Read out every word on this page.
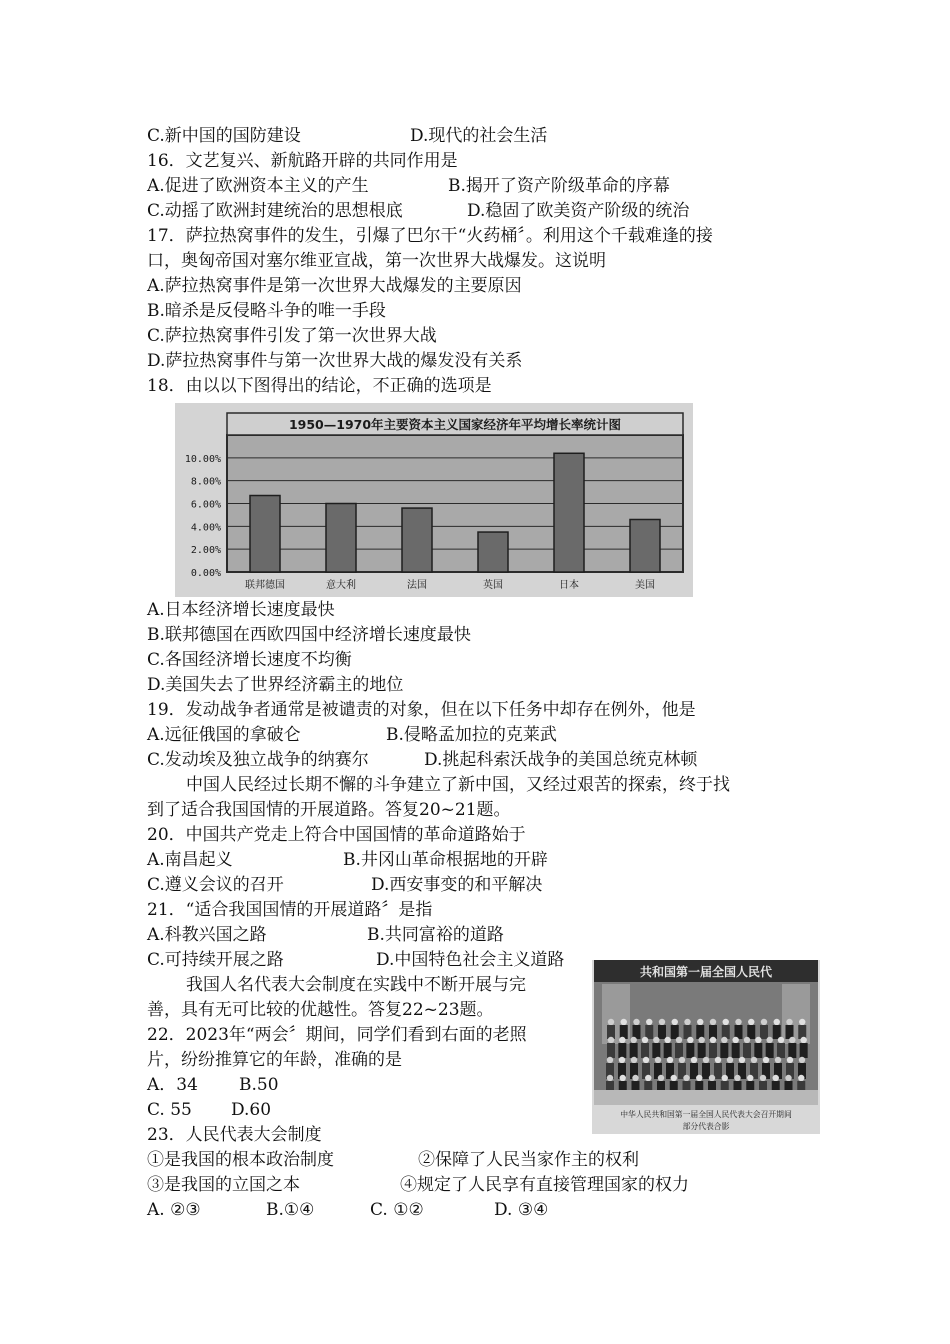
C.新中国的国防建设	D.现代的社会生活
16．文艺复兴、新航路开辟的共同作用是
A.促进了欧洲资本主义的产生	B.揭开了资产阶级革命的序幕
C.动摇了欧洲封建统治的思想根底	D.稳固了欧美资产阶级的统治
17．萨拉热窝事件的发生，引爆了巴尔干“火药桶〞。利用这个千载难逢的接
口，奥匈帝国对塞尔维亚宣战，第一次世界大战爆发。这说明
A.萨拉热窝事件是第一次世界大战爆发的主要原因
B.暗杀是反侵略斗争的唯一手段
C.萨拉热窝事件引发了第一次世界大战
D.萨拉热窝事件与第一次世界大战的爆发没有关系
18．由以以下图得出的结论，不正确的选项是
10.00%
8.00%
6.00%
4.00%
2.00%
0.00%
联邦德国	意大利	法国	英国	日本	美国
1950—1970年主要资本主义国家经济年平均增长率统计图
A.日本经济增长速度最快
B.联邦德国在西欧四国中经济增长速度最快
C.各国经济增长速度不均衡
D.美国失去了世界经济霸主的地位
19．发动战争者通常是被谴责的对象，但在以下任务中却存在例外，他是
A.远征俄国的拿破仑	B.侵略孟加拉的克莱武
C.发动埃及独立战争的纳赛尔	D.挑起科索沃战争的美国总统克林顿
中国人民经过长期不懈的斗争建立了新中国，又经过艰苦的探索，终于找
到了适合我国国情的开展道路。答复20~21题。
20．中国共产党走上符合中国国情的革命道路始于
A.南昌起义	B.井冈山革命根据地的开辟
C.遵义会议的召开	D.西安事变的和平解决
21．“适合我国国情的开展道路〞是指
A.科教兴国之路	B.共同富裕的道路
C.可持续开展之路	D.中国特色社会主义道路
我国人名代表大会制度在实践中不断开展与完
善，具有无可比较的优越性。答复22~23题。
22．2023年“两会〞期间，同学们看到右面的老照
片，纷纷推算它的年龄，准确的是
A．34 B.50
C. 55 D.60
23．人民代表大会制度
①是我国的根本政治制度	②保障了人民当家作主的权利
③是我国的立国之本	④规定了人民享有直接管理国家的权力
A. ②③	B.①④	C. ①②	D. ③④
共和国第一届全国人民代
中华人民共和国第一届全国人民代表大会召开期间
部分代表合影
